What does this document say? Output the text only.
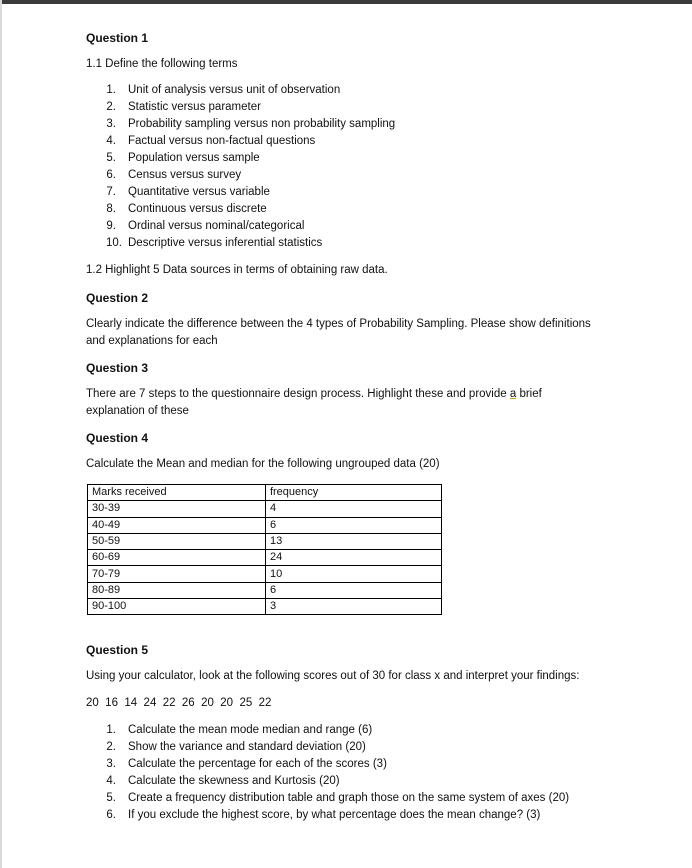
Question 1
1.1 Define the following terms
1. Unit of analysis versus unit of observation
2. Statistic versus parameter
3. Probability sampling versus non probability sampling
4. Factual versus non-factual questions
5. Population versus sample
6. Census versus survey
7. Quantitative versus variable
8. Continuous versus discrete
9. Ordinal versus nominal/categorical
10. Descriptive versus inferential statistics
1.2 Highlight 5 Data sources in terms of obtaining raw data.
Question 2
Clearly indicate the difference between the 4 types of Probability Sampling. Please show definitions
and explanations for each
Question 3
There are 7 steps to the questionnaire design process. Highlight these and provide a brief
explanation of these
Question 4
Calculate the Mean and median for the following ungrouped data (20)
Marks received	frequency
30-39	4
40-49	6
50-59	13
60-69	24
70-79	10
80-89	6
90-100	3
Question 5
Using your calculator, look at the following scores out of 30 for class x and interpret your findings:
20  16  14  24  22  26  20  20  25  22
1. Calculate the mean mode median and range (6)
2. Show the variance and standard deviation (20)
3. Calculate the percentage for each of the scores (3)
4. Calculate the skewness and Kurtosis (20)
5. Create a frequency distribution table and graph those on the same system of axes (20)
6. If you exclude the highest score, by what percentage does the mean change? (3)
